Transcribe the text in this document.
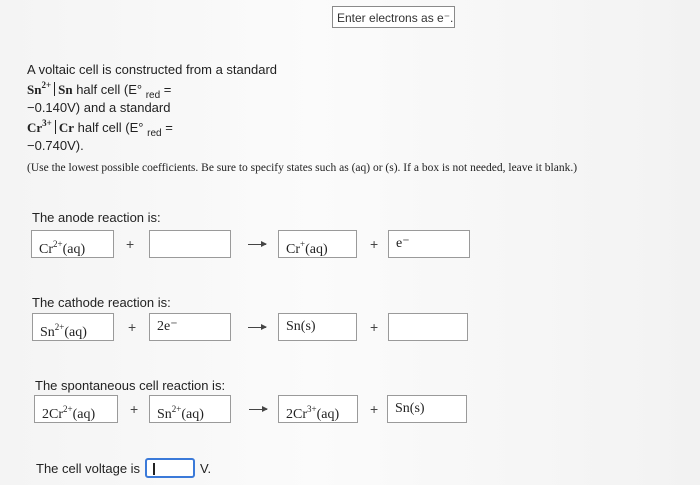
Enter electrons as e⁻.
A voltaic cell is constructed from a standard
$Sn^{2+}$ Sn half cell (E° $_{red}$ =
−0.140V) and a standard
$Cr^{3+}$ Cr half cell (E° $_{red}$ =
−0.740V).
(Use the lowest possible coefficients. Be sure to specify states such as (aq) or (s). If a box is not needed, leave it blank.)
The anode reaction is:
$Cr^{2+}(aq)$	+	→	Cr+(aq)	+	e⁻
The cathode reaction is:
$Sn^{2+}(aq)$	+	2e⁻	→	Sn(s)	+
The spontaneous cell reaction is:
$2Cr^{2+}(aq)$	+	$Sn^{2+}(aq)$	→	$2Cr^{3+}(aq)$	+	Sn(s)
The cell voltage is	V.
